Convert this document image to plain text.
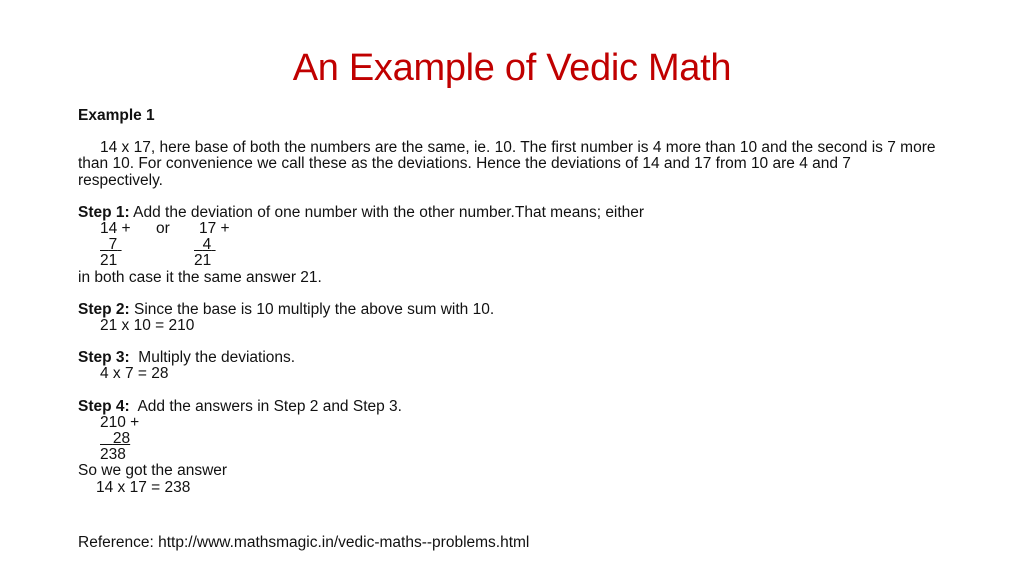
An Example of Vedic Math
Example 1
14 x 17, here base of both the numbers are the same, ie. 10. The first number is 4 more than 10 and the second is 7 more than 10. For convenience we call these as the deviations. Hence the deviations of 14 and 17 from 10 are 4 and 7 respectively.
Step 1: Add the deviation of one number with the other number.That means; either
14 + or 17 +
7	4
21	21
in both case it the same answer 21.
Step 2: Since the base is 10 multiply the above sum with 10.
21 x 10 = 210
Step 3:  Multiply the deviations.
4 x 7 = 28
Step 4:  Add the answers in Step 2 and Step 3.
210 +
28
238
So we got the answer
14 x 17 = 238
Reference: http://www.mathsmagic.in/vedic-maths--problems.html
